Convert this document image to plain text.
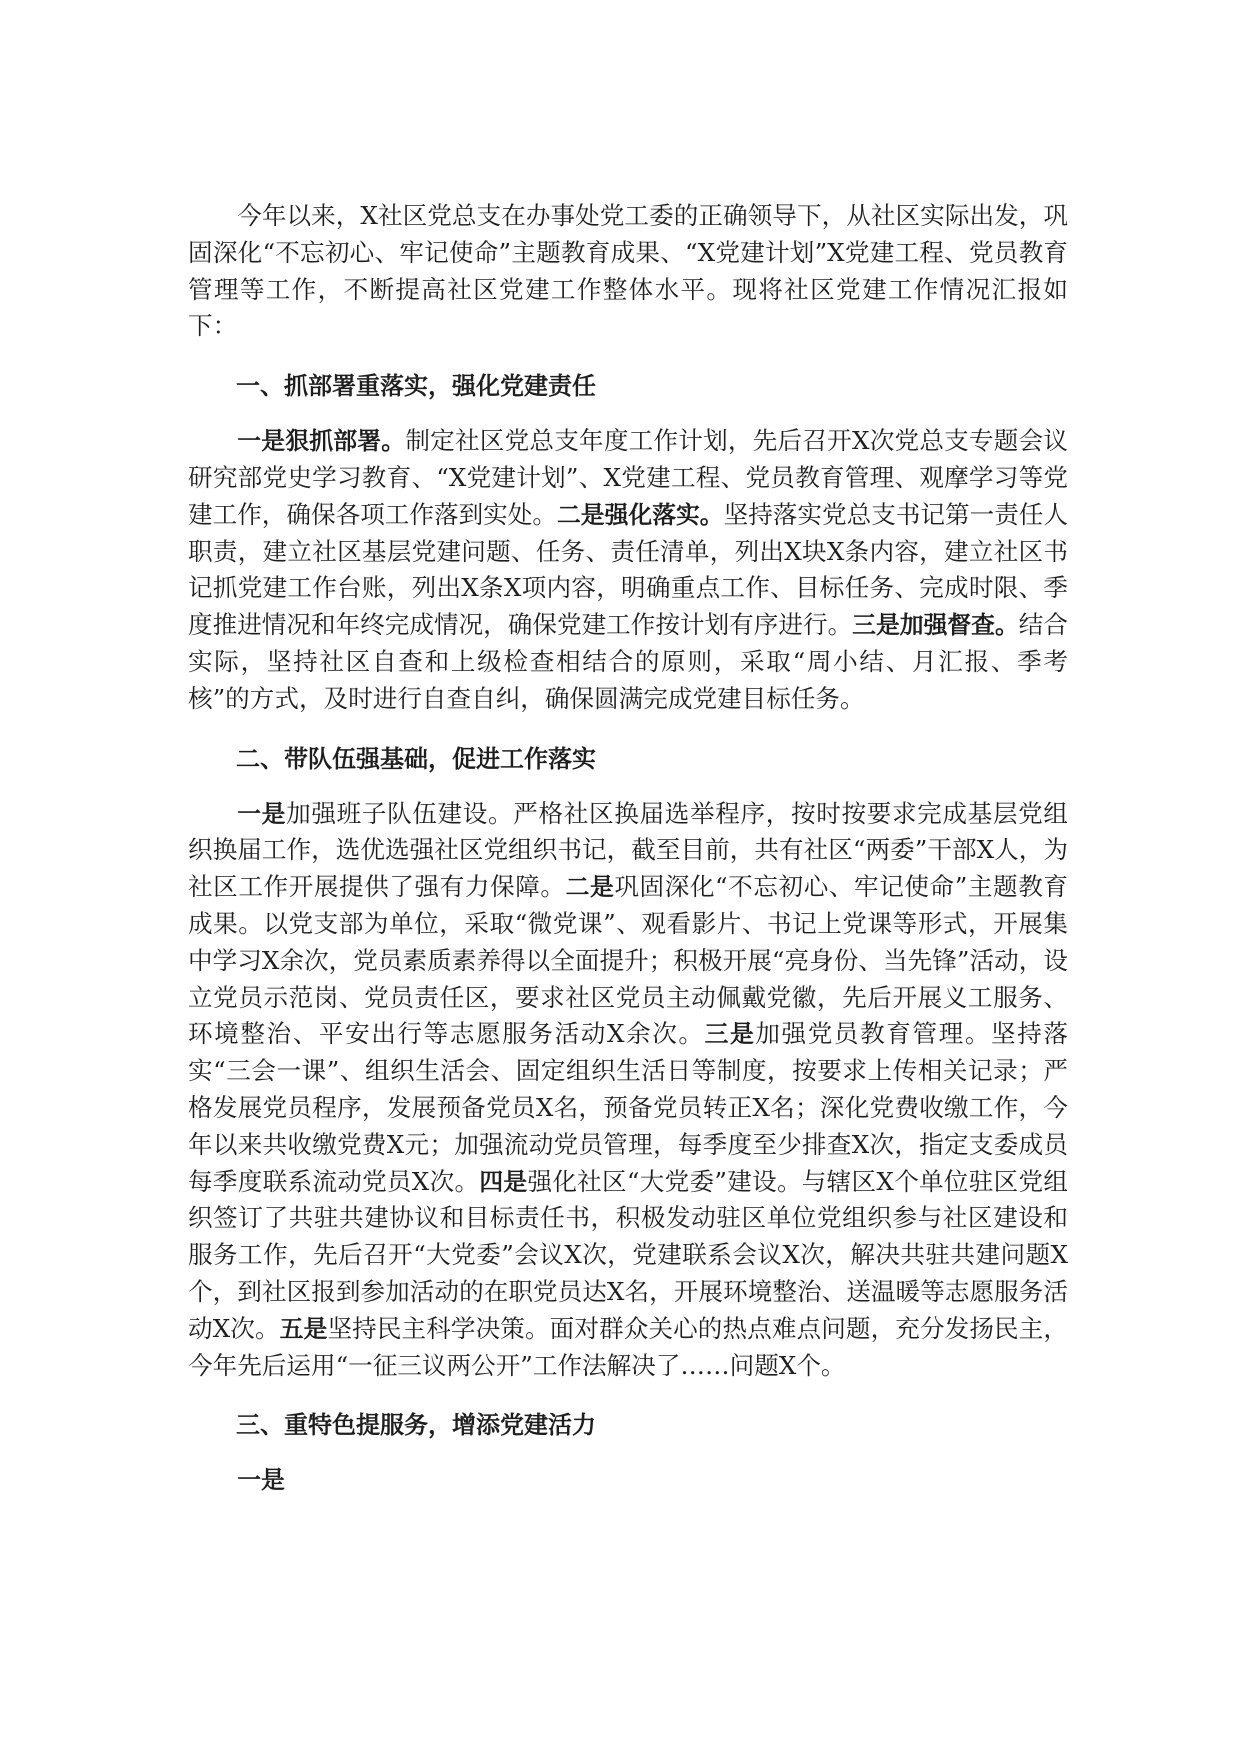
今年以来，X社区党总支在办事处党工委的正确领导下，从社区实际出发，巩固深化“不忘初心、牢记使命”主题教育成果、“X党建计划”X党建工程、党员教育管理等工作，不断提高社区党建工作整体水平。现将社区党建工作情况汇报如下：

一、抓部署重落实，强化党建责任

一是狠抓部署。制定社区党总支年度工作计划，先后召开X次党总支专题会议研究部党史学习教育、“X党建计划”、X党建工程、党员教育管理、观摩学习等党建工作，确保各项工作落到实处。二是强化落实。坚持落实党总支书记第一责任人职责，建立社区基层党建问题、任务、责任清单，列出X块X条内容，建立社区书记抓党建工作台账，列出X条X项内容，明确重点工作、目标任务、完成时限、季度推进情况和年终完成情况，确保党建工作按计划有序进行。三是加强督查。结合实际，坚持社区自查和上级检查相结合的原则，采取“周小结、月汇报、季考核”的方式，及时进行自查自纠，确保圆满完成党建目标任务。

二、带队伍强基础，促进工作落实

一是加强班子队伍建设。严格社区换届选举程序，按时按要求完成基层党组织换届工作，选优选强社区党组织书记，截至目前，共有社区“两委”干部X人，为社区工作开展提供了强有力保障。二是巩固深化“不忘初心、牢记使命”主题教育成果。以党支部为单位，采取“微党课”、观看影片、书记上党课等形式，开展集中学习X余次，党员素质素养得以全面提升；积极开展“亮身份、当先锋”活动，设立党员示范岗、党员责任区，要求社区党员主动佩戴党徽，先后开展义工服务、环境整治、平安出行等志愿服务活动X余次。三是加强党员教育管理。坚持落实“三会一课”、组织生活会、固定组织生活日等制度，按要求上传相关记录；严格发展党员程序，发展预备党员X名，预备党员转正X名；深化党费收缴工作，今年以来共收缴党费X元；加强流动党员管理，每季度至少排查X次，指定支委成员每季度联系流动党员X次。四是强化社区“大党委”建设。与辖区X个单位驻区党组织签订了共驻共建协议和目标责任书，积极发动驻区单位党组织参与社区建设和服务工作，先后召开“大党委”会议X次，党建联系会议X次，解决共驻共建问题X个，到社区报到参加活动的在职党员达X名，开展环境整治、送温暖等志愿服务活动X次。五是坚持民主科学决策。面对群众关心的热点难点问题，充分发扬民主，今年先后运用“一征三议两公开”工作法解决了……问题X个。

三、重特色提服务，增添党建活力

一是
